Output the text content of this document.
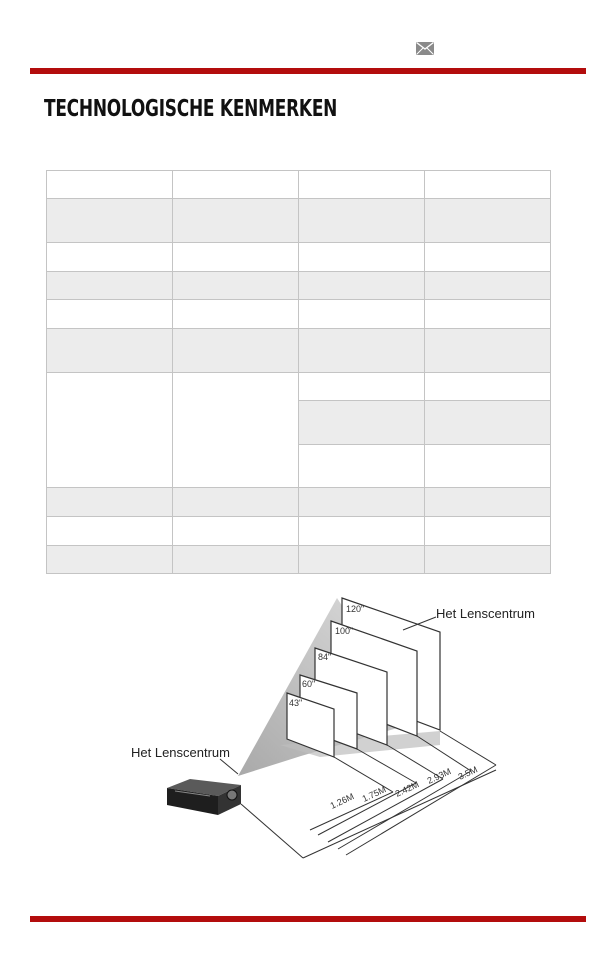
TECHNOLOGISCHE KENMERKEN

120"
100"
84"
60"
43"
1.26M 1.75M 2.42M
2.93M 3.5M
Het Lenscentrum
Het Lenscentrum
